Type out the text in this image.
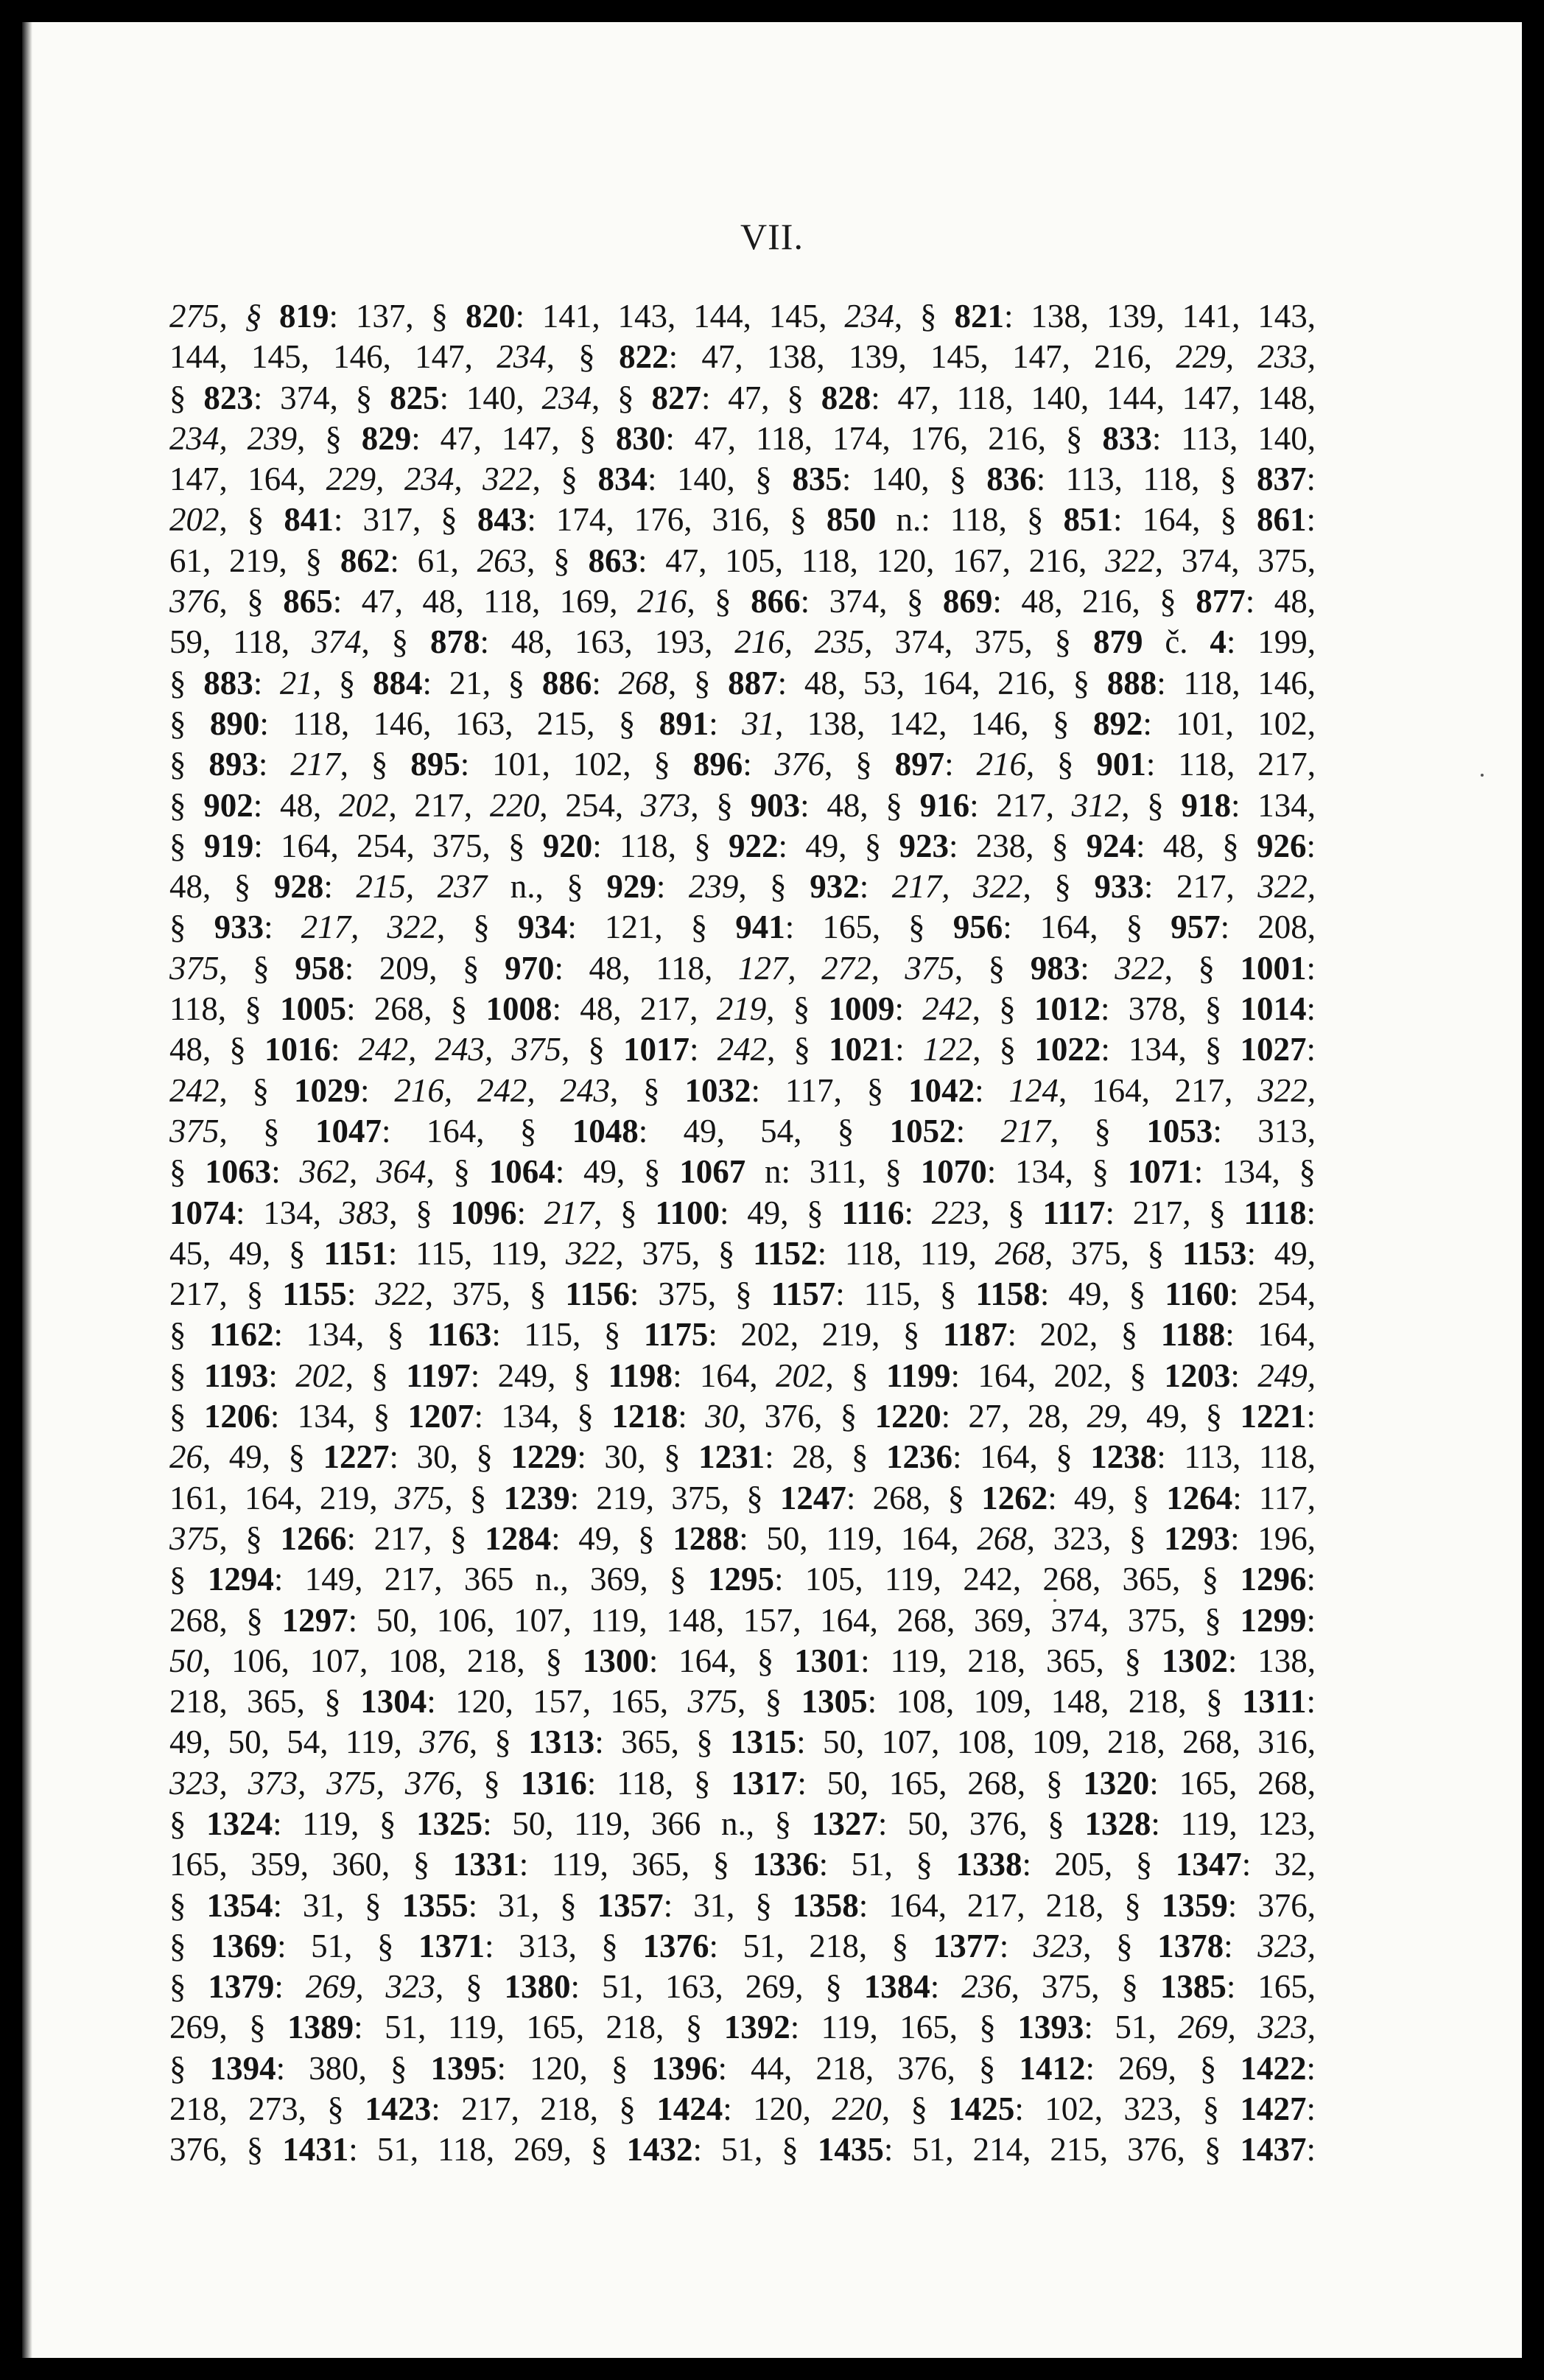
VII.
275, § 819: 137, § 820: 141, 143, 144, 145, 234, § 821: 138, 139, 141, 143,
144, 145, 146, 147, 234, § 822: 47, 138, 139, 145, 147, 216, 229, 233,
§ 823: 374, § 825: 140, 234, § 827: 47, § 828: 47, 118, 140, 144, 147, 148,
234, 239, § 829: 47, 147, § 830: 47, 118, 174, 176, 216, § 833: 113, 140,
147, 164, 229, 234, 322, § 834: 140, § 835: 140, § 836: 113, 118, § 837:
202, § 841: 317, § 843: 174, 176, 316, § 850 n.: 118, § 851: 164, § 861:
61, 219, § 862: 61, 263, § 863: 47, 105, 118, 120, 167, 216, 322, 374, 375,
376, § 865: 47, 48, 118, 169, 216, § 866: 374, § 869: 48, 216, § 877: 48,
59, 118, 374, § 878: 48, 163, 193, 216, 235, 374, 375, § 879 č. 4: 199,
§ 883: 21, § 884: 21, § 886: 268, § 887: 48, 53, 164, 216, § 888: 118, 146,
§ 890: 118, 146, 163, 215, § 891: 31, 138, 142, 146, § 892: 101, 102,
§ 893: 217, § 895: 101, 102, § 896: 376, § 897: 216, § 901: 118, 217,
§ 902: 48, 202, 217, 220, 254, 373, § 903: 48, § 916: 217, 312, § 918: 134,
§ 919: 164, 254, 375, § 920: 118, § 922: 49, § 923: 238, § 924: 48, § 926:
48, § 928: 215, 237 n., § 929: 239, § 932: 217, 322, § 933: 217, 322,
§ 933: 217, 322, § 934: 121, § 941: 165, § 956: 164, § 957: 208,
375, § 958: 209, § 970: 48, 118, 127, 272, 375, § 983: 322, § 1001:
118, § 1005: 268, § 1008: 48, 217, 219, § 1009: 242, § 1012: 378, § 1014:
48, § 1016: 242, 243, 375, § 1017: 242, § 1021: 122, § 1022: 134, § 1027:
242, § 1029: 216, 242, 243, § 1032: 117, § 1042: 124, 164, 217, 322,
375, § 1047: 164, § 1048: 49, 54, § 1052: 217, § 1053: 313,
§ 1063: 362, 364, § 1064: 49, § 1067 n: 311, § 1070: 134, § 1071: 134, §
1074: 134, 383, § 1096: 217, § 1100: 49, § 1116: 223, § 1117: 217, § 1118:
45, 49, § 1151: 115, 119, 322, 375, § 1152: 118, 119, 268, 375, § 1153: 49,
217, § 1155: 322, 375, § 1156: 375, § 1157: 115, § 1158: 49, § 1160: 254,
§ 1162: 134, § 1163: 115, § 1175: 202, 219, § 1187: 202, § 1188: 164,
§ 1193: 202, § 1197: 249, § 1198: 164, 202, § 1199: 164, 202, § 1203: 249,
§ 1206: 134, § 1207: 134, § 1218: 30, 376, § 1220: 27, 28, 29, 49, § 1221:
26, 49, § 1227: 30, § 1229: 30, § 1231: 28, § 1236: 164, § 1238: 113, 118,
161, 164, 219, 375, § 1239: 219, 375, § 1247: 268, § 1262: 49, § 1264: 117,
375, § 1266: 217, § 1284: 49, § 1288: 50, 119, 164, 268, 323, § 1293: 196,
§ 1294: 149, 217, 365 n., 369, § 1295: 105, 119, 242, 268, 365, § 1296:
268, § 1297: 50, 106, 107, 119, 148, 157, 164, 268, 369, 374, 375, § 1299:
50, 106, 107, 108, 218, § 1300: 164, § 1301: 119, 218, 365, § 1302: 138,
218, 365, § 1304: 120, 157, 165, 375, § 1305: 108, 109, 148, 218, § 1311:
49, 50, 54, 119, 376, § 1313: 365, § 1315: 50, 107, 108, 109, 218, 268, 316,
323, 373, 375, 376, § 1316: 118, § 1317: 50, 165, 268, § 1320: 165, 268,
§ 1324: 119, § 1325: 50, 119, 366 n., § 1327: 50, 376, § 1328: 119, 123,
165, 359, 360, § 1331: 119, 365, § 1336: 51, § 1338: 205, § 1347: 32,
§ 1354: 31, § 1355: 31, § 1357: 31, § 1358: 164, 217, 218, § 1359: 376,
§ 1369: 51, § 1371: 313, § 1376: 51, 218, § 1377: 323, § 1378: 323,
§ 1379: 269, 323, § 1380: 51, 163, 269, § 1384: 236, 375, § 1385: 165,
269, § 1389: 51, 119, 165, 218, § 1392: 119, 165, § 1393: 51, 269, 323,
§ 1394: 380, § 1395: 120, § 1396: 44, 218, 376, § 1412: 269, § 1422:
218, 273, § 1423: 217, 218, § 1424: 120, 220, § 1425: 102, 323, § 1427:
376, § 1431: 51, 118, 269, § 1432: 51, § 1435: 51, 214, 215, 376, § 1437:
